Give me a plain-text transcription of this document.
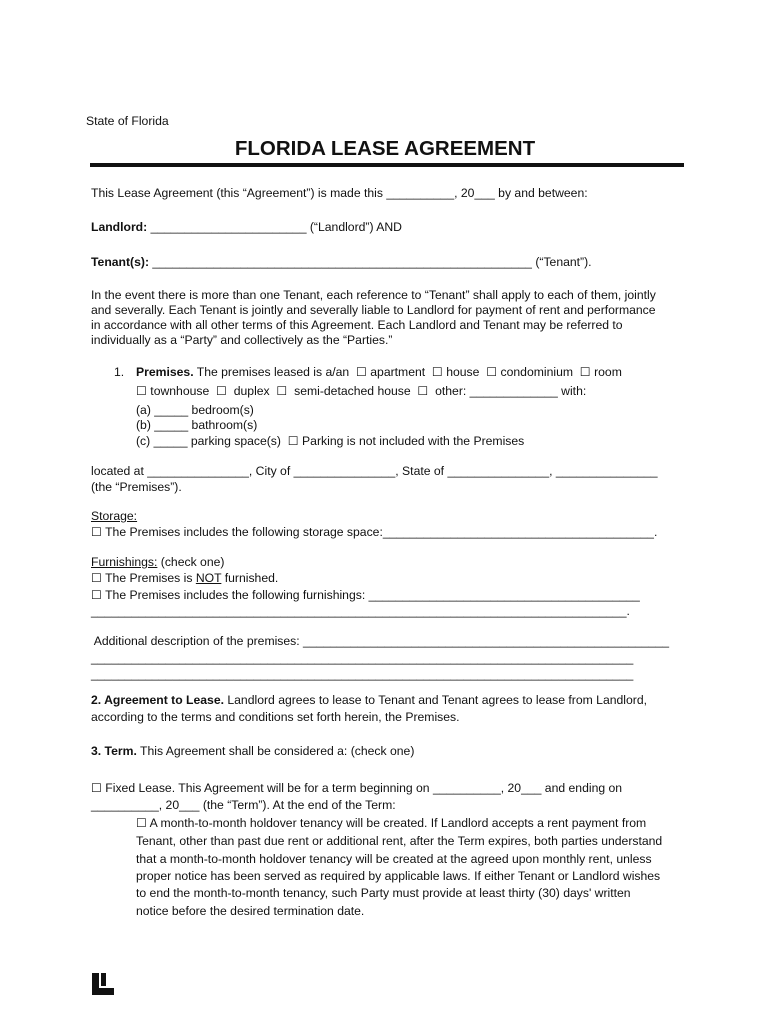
State of Florida
FLORIDA LEASE AGREEMENT
This Lease Agreement (this “Agreement”) is made this __________, 20___ by and between:
Landlord: _______________________ (“Landlord”) AND
Tenant(s): ________________________________________________________ (“Tenant”).
In the event there is more than one Tenant, each reference to “Tenant” shall apply to each of them, jointly
and severally. Each Tenant is jointly and severally liable to Landlord for payment of rent and performance
in accordance with all other terms of this Agreement. Each Landlord and Tenant may be referred to
individually as a “Party” and collectively as the “Parties.”
1. Premises. The premises leased is a/an  ☐ apartment  ☐ house  ☐ condominium  ☐ room
☐ townhouse  ☐  duplex  ☐  semi-detached house  ☐  other: _____________ with:
(a) _____ bedroom(s)
(b) _____ bathroom(s)
(c) _____ parking space(s)  ☐ Parking is not included with the Premises
located at _______________, City of _______________, State of _______________, _______________
(the “Premises”).
Storage:
☐ The Premises includes the following storage space:________________________________________.
Furnishings: (check one)
☐ The Premises is NOT furnished.
☐ The Premises includes the following furnishings: ________________________________________
_______________________________________________________________________________.
Additional description of the premises: ______________________________________________________
________________________________________________________________________________
________________________________________________________________________________
2. Agreement to Lease. Landlord agrees to lease to Tenant and Tenant agrees to lease from Landlord,
according to the terms and conditions set forth herein, the Premises.
3. Term. This Agreement shall be considered a: (check one)
☐ Fixed Lease. This Agreement will be for a term beginning on __________, 20___ and ending on
__________, 20___ (the “Term”). At the end of the Term:
☐ A month-to-month holdover tenancy will be created. If Landlord accepts a rent payment from
Tenant, other than past due rent or additional rent, after the Term expires, both parties understand
that a month-to-month holdover tenancy will be created at the agreed upon monthly rent, unless
proper notice has been served as required by applicable laws. If either Tenant or Landlord wishes
to end the month-to-month tenancy, such Party must provide at least thirty (30) days' written
notice before the desired termination date.
